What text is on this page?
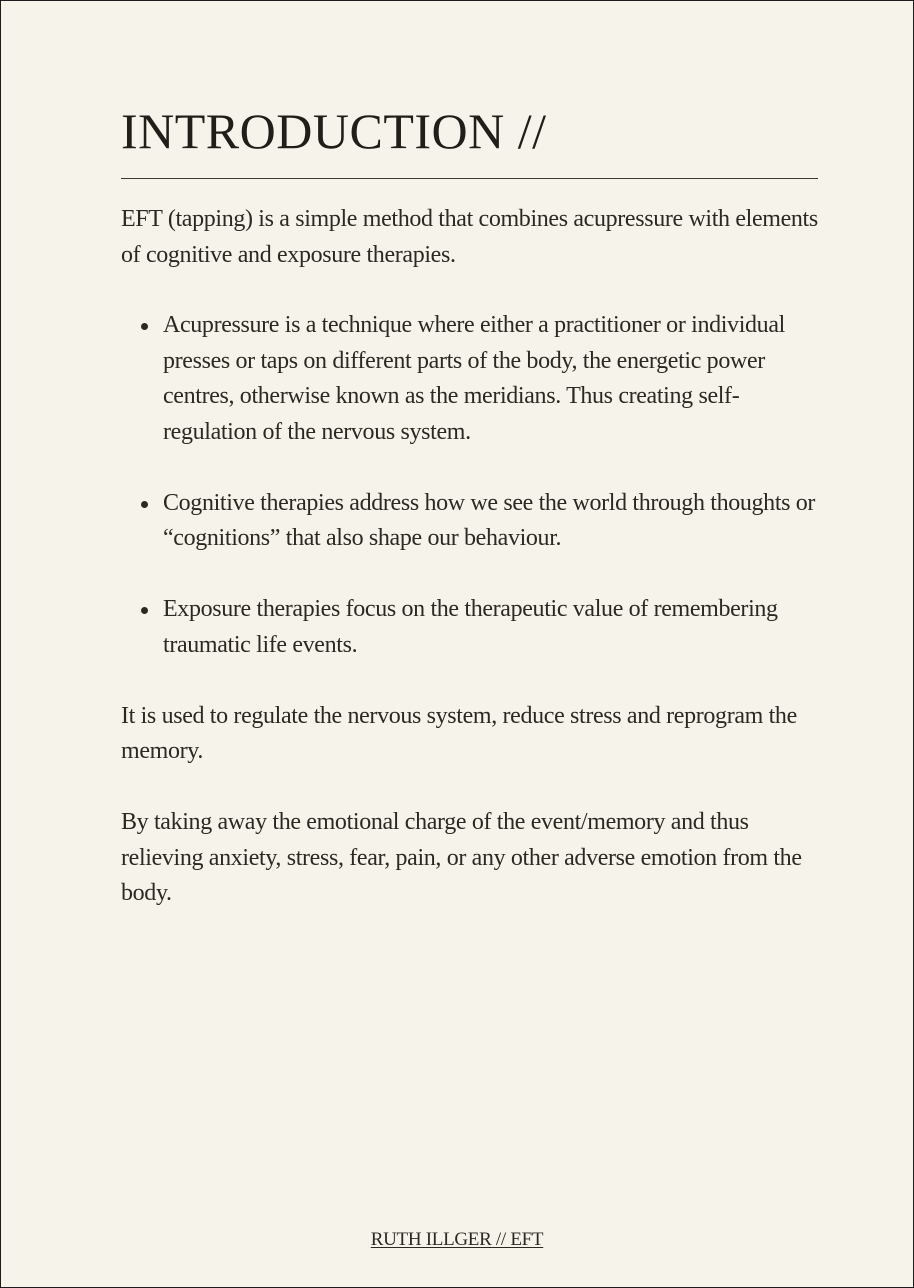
INTRODUCTION //

EFT (tapping) is a simple method that combines acupressure with elements of cognitive and exposure therapies.

Acupressure is a technique where either a practitioner or individual presses or taps on different parts of the body, the energetic power centres, otherwise known as the meridians. Thus creating self-regulation of the nervous system.
Cognitive therapies address how we see the world through thoughts or “cognitions” that also shape our behaviour.
Exposure therapies focus on the therapeutic value of remembering traumatic life events.

It is used to regulate the nervous system, reduce stress and reprogram the memory.

By taking away the emotional charge of the event/memory and thus relieving anxiety, stress, fear, pain, or any other adverse emotion from the body.

RUTH ILLGER // EFT
